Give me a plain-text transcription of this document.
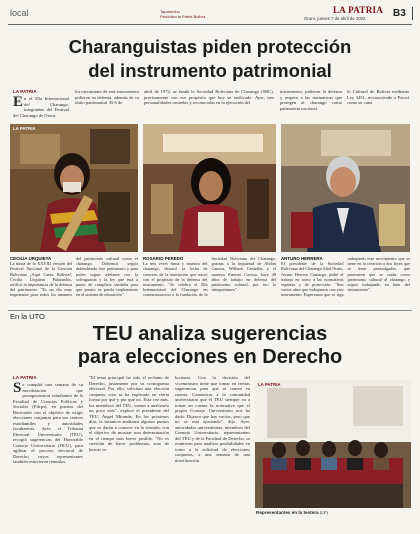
local	Tapatrecho
Periódico la Patria Bolivia
LA PATRIA
Oruro, jueves 7 de abril de 2022	B3
Charanguistas piden protección
del instrumento patrimonial
LA PATRIA
En el Día Internacional del Charango, integrantes del Festival del Charango de Oruro,
los ejecutantes de este instrumento pidieron su defensa, además de su título patrimonial. El 6 de
abril de 1972, se fundó la Sociedad Boliviana de Charango (SBC), precisamente con ese propósito que hoy se ratificado. Ayer, tres personalidades orureñas y reconocidas en la ejecución del
instrumento, pidieron la defensa y respeto a las normativas que protegen al charango como patrimonio nacional.
lo Cultural de Bolivia mediante Ley 3451, reconociendo a Potosí como su cuna
LA PATRIA
CECILIA URQUIETA
La ñusta de la XXVIII versión del Festival Nacional de la Canción Boliviana ¡Aquí Canta Bolivia!, Cecilia Urquieta Palazuelos, ratificó la importancia de la defensa del patrimonio. "Es un día muy importante para todos los amantes del patrimonio cultural como el charango. Debemos seguir defendiendo este patrimonio y para poder seguir adelante con la salvaguarda y la ley que está a punto de cumplirse también para que pronto se pueda implementar en el sistema de educación".
ROSARIO PEREDO
La tres veces ñusta y maestra del charango, destacó la fecha de creación de la institución que nació con el propósito de la defensa del instrumento. "Se celebra el Día Internacional del Charango en conmemoración a la fundación de la Sociedad Boliviana del Charango, gracias a la inquietud de Abdón Camou, William Centellas y el maestro Ernesto Cavour, hace 49 años de trabajo en defensa del patrimonio cultural, por eso lo interpretamos".
ARTURO HERRERA
El presidente de la Sociedad Boliviana del Charango filial Oruro, Arturo Herrera Camargo, pidió el trabajo en torno a las normativas vigentes y de protección. "Son varios años que trabajamos con este instrumento. Esperemos que se siga trabajando este movimiento que se tiene en la creación a dos leyes que se tiene promulgadas, que promuven que se cuida como patrimonio cultural al charango y seguir trabajando en bien del instrumento".
En la UTO
TEU analiza sugerencias
para elecciones en Derecho
LA PATRIA
Se cumplió una semana de su movilización que protagonizaron estudiantes de la Facultad de Ciencias Políticas y Sociales (Fdcps), en puertas del Rectorado con el objetivo de exigir elecciones conjuntas para sus centros estudiantiles y autoridades facultativas. Ayer, el Tribunal Electoral Universitario (TEU), recogió sugerencias del Honorable Consejo Universitario (HCU), para agilizar el proceso electoral de Derecho, cuyos representantes también estuvieron reunidos.
"El tema principal ha sido el reclamo de Derecho, justamente por su cronograma electoral. Por ello, solicitan una elección conjunta, creo se ha explicado en cierta forma por qué y por qué no. Esta vez más, los miembros del TEU, vamos a analizarlo un poco más", explicó el presidente del TEU, Ángel Miranda. En los próximos días, la instancia analizará algunos puntos que se darán a conocer en la reunión, con el objetivo de mostrar una determinación en el tiempo más breve posible. "No es cuestión de hacer problemas, sino de buscar so-
luciones. Con la decisión del viceministro tiene que tomar en ciertas sugerencias para que se tomen en cuenta. Comunicar a la comunidad universitaria que el TEU siempre va a tomar en cuenta la normativa que el propio Consejo Universitario nos ha dado. Dijeron que hay vacíos, pero que no se está ajustando", dijo. Ayer, autoridades universitarias, miembros del Consejo Universitario, representantes del TEU y de la Facultad de Derecho, se reunieron para analizar posibilidades en torno a la solicitud de elecciones conjuntas, a una semana de una movilización.
LA PATRIA
Representantes en la testera (LP)
